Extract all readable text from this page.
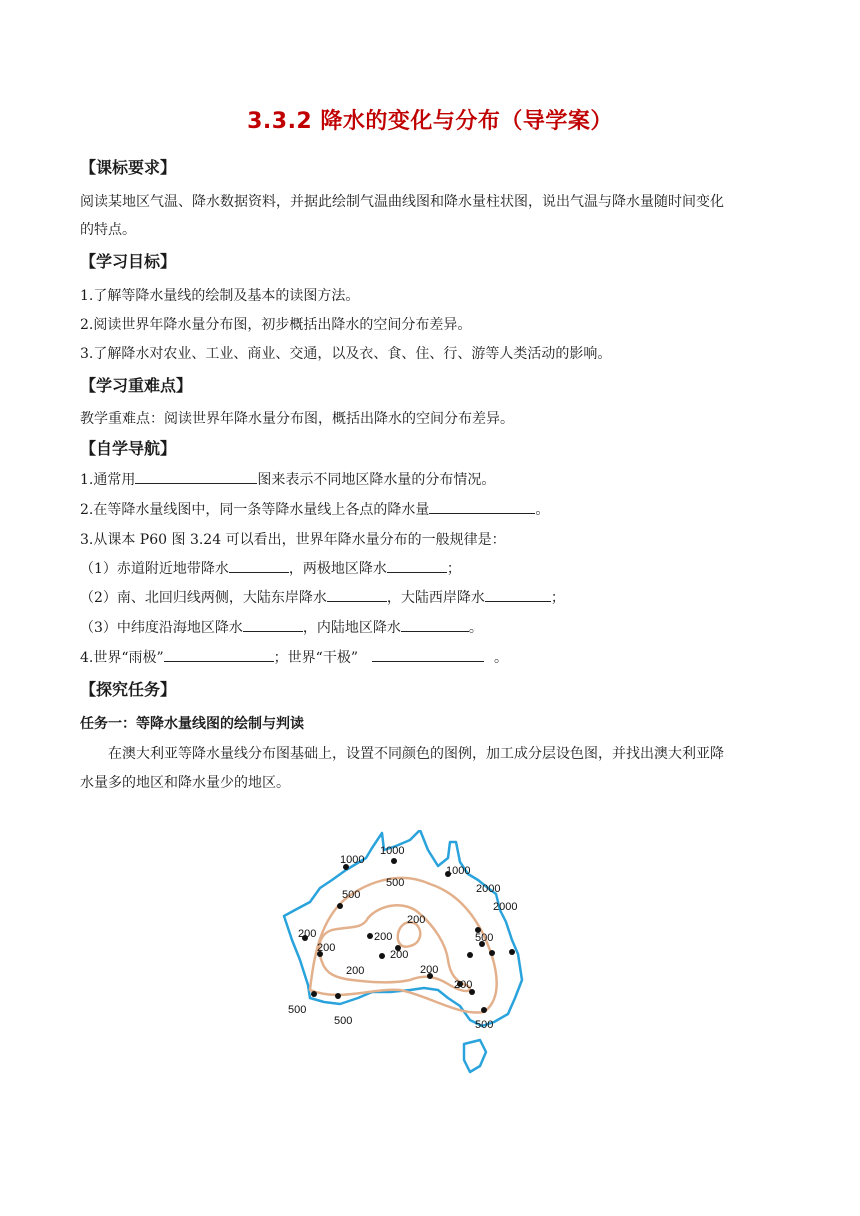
3.3.2 降水的变化与分布（导学案）
【课标要求】
阅读某地区气温、降水数据资料，并据此绘制气温曲线图和降水量柱状图，说出气温与降水量随时间变化
的特点。
【学习目标】
1.了解等降水量线的绘制及基本的读图方法。
2.阅读世界年降水量分布图，初步概括出降水的空间分布差异。
3.了解降水对农业、工业、商业、交通，以及衣、食、住、行、游等人类活动的影响。
【学习重难点】
教学重难点：阅读世界年降水量分布图，概括出降水的空间分布差异。
【自学导航】
1.通常用	图来表示不同地区降水量的分布情况。
2.在等降水量线图中，同一条等降水量线上各点的降水量	。
3.从课本 P60 图 3.24 可以看出，世界年降水量分布的一般规律是：
（1）赤道附近地带降水	，两极地区降水	；
（2）南、北回归线两侧，大陆东岸降水	，大陆西岸降水	；
（3）中纬度沿海地区降水	，内陆地区降水	。
4.世界“雨极”	；世界“干极”	。
【探究任务】
任务一：等降水量线图的绘制与判读
在澳大利亚等降水量线分布图基础上，设置不同颜色的图例，加工成分层设色图，并找出澳大利亚降
水量多的地区和降水量少的地区。
1000
1000
1000
2000
2000
500
500
500
500
500	500
200
200
200
200
200
200
200
200
